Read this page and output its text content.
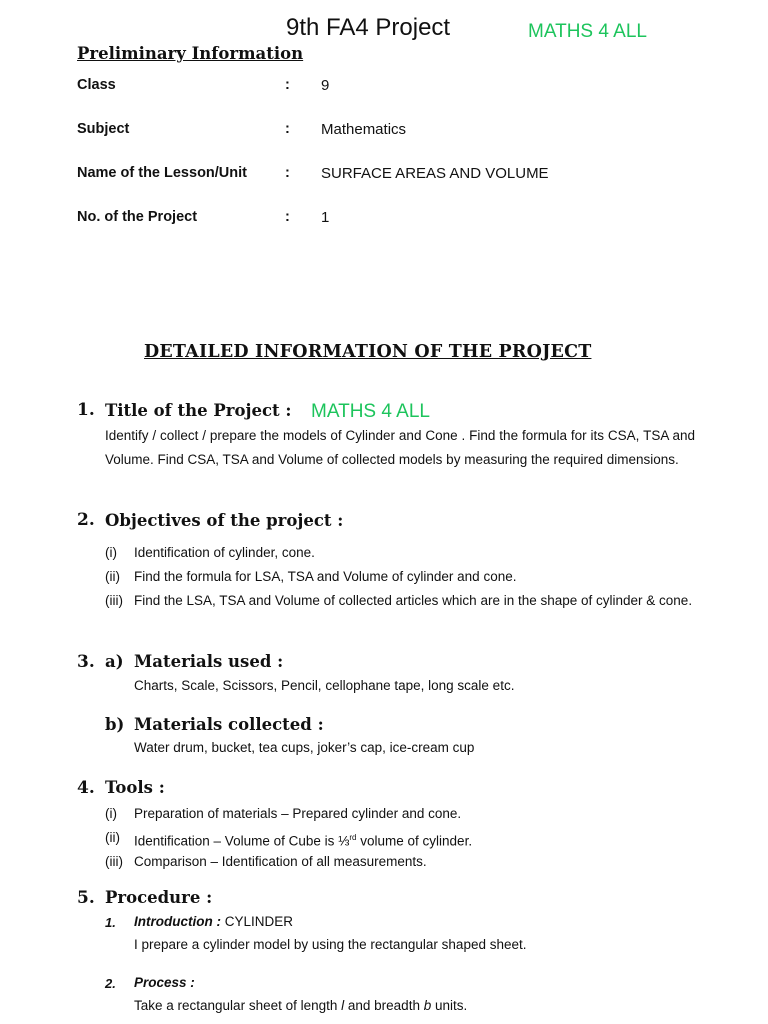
9th FA4 Project	MATHS 4 ALL
Preliminary Information
Class	: 9
Subject	: Mathematics
Name of the Lesson/Unit	: SURFACE AREAS AND VOLUME
No. of the Project	: 1
DETAILED INFORMATION OF THE PROJECT
1. Title of the Project : MATHS 4 ALL
Identify / collect / prepare the models of Cylinder and Cone . Find the formula for its CSA, TSA and Volume. Find CSA, TSA and Volume of collected models by measuring the required dimensions.
2. Objectives of the project :
(i) Identification of cylinder, cone.
(ii) Find the formula for LSA, TSA and Volume of cylinder and cone.
(iii) Find the LSA, TSA and Volume of collected articles which are in the shape of cylinder & cone.
3. a) Materials used :
Charts, Scale, Scissors, Pencil, cellophane tape, long scale etc.
b) Materials collected :
Water drum, bucket, tea cups, joker’s cap, ice-cream cup
4. Tools :
(i) Preparation of materials – Prepared cylinder and cone.
(ii) Identification – Volume of Cube is ⅓$^{rd}$ volume of cylinder.
(iii) Comparison – Identification of all measurements.
5. Procedure :
1. Introduction : CYLINDER
I prepare a cylinder model by using the rectangular shaped sheet.
2. Process :
Take a rectangular sheet of length l and breadth b units.
